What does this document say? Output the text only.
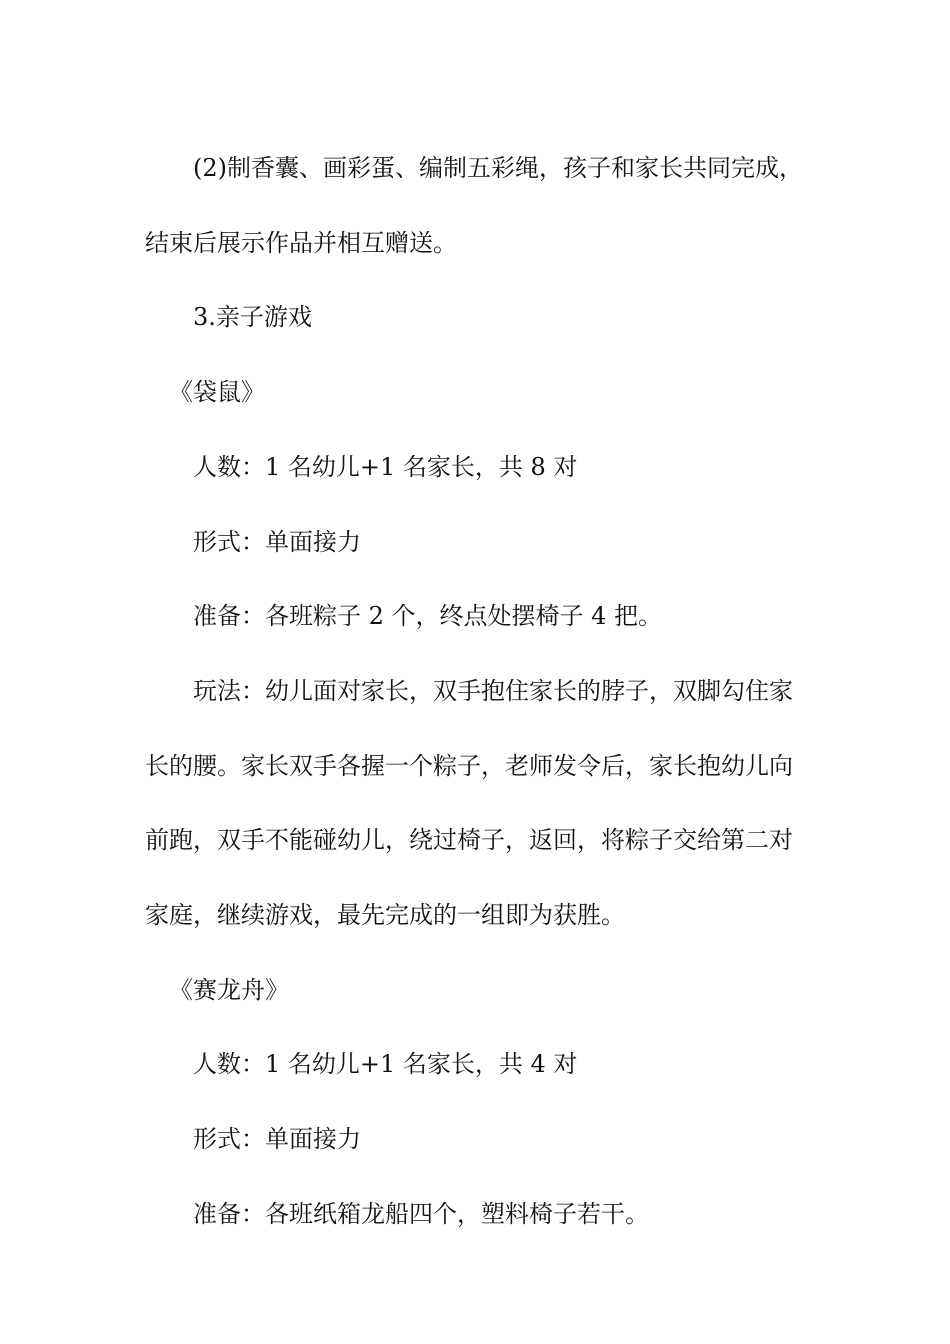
(2)制香囊、画彩蛋、编制五彩绳，孩子和家长共同完成，
结束后展示作品并相互赠送。

3.亲子游戏

《袋鼠》

人数：1 名幼儿+1 名家长，共 8 对

形式：单面接力

准备：各班粽子 2 个，终点处摆椅子 4 把。

玩法：幼儿面对家长，双手抱住家长的脖子，双脚勾住家
长的腰。家长双手各握一个粽子，老师发令后，家长抱幼儿向
前跑，双手不能碰幼儿，绕过椅子，返回，将粽子交给第二对
家庭，继续游戏，最先完成的一组即为获胜。

《赛龙舟》

人数：1 名幼儿+1 名家长，共 4 对

形式：单面接力

准备：各班纸箱龙船四个，塑料椅子若干。
